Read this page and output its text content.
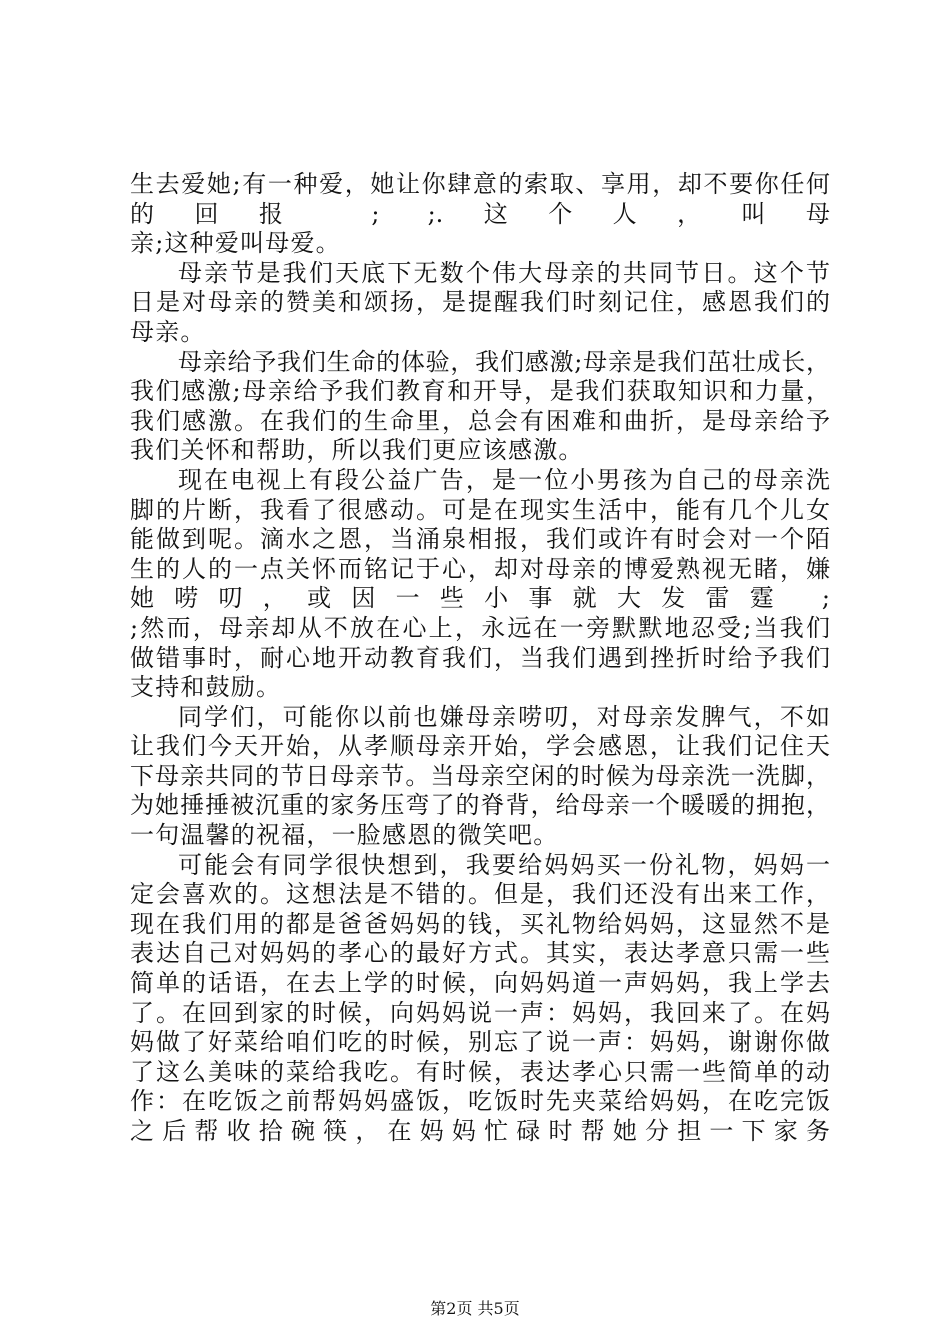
生去爱她;有一种爱，她让你肆意的索取、享用，却不要你任何
的回报 ; ;.这个人，叫母
亲;这种爱叫母爱。
母亲节是我们天底下无数个伟大母亲的共同节日。这个节
日是对母亲的赞美和颂扬，是提醒我们时刻记住，感恩我们的
母亲。
母亲给予我们生命的体验，我们感激;母亲是我们茁壮成长，
我们感激;母亲给予我们教育和开导，是我们获取知识和力量，
我们感激。在我们的生命里，总会有困难和曲折，是母亲给予
我们关怀和帮助，所以我们更应该感激。
现在电视上有段公益广告，是一位小男孩为自己的母亲洗
脚的片断，我看了很感动。可是在现实生活中，能有几个儿女
能做到呢。滴水之恩，当涌泉相报，我们或许有时会对一个陌
生的人的一点关怀而铭记于心，却对母亲的博爱熟视无睹，嫌
她唠叨，或因一些小事就大发雷霆 ;
;然而，母亲却从不放在心上，永远在一旁默默地忍受;当我们
做错事时，耐心地开动教育我们，当我们遇到挫折时给予我们
支持和鼓励。
同学们，可能你以前也嫌母亲唠叨，对母亲发脾气，不如
让我们今天开始，从孝顺母亲开始，学会感恩，让我们记住天
下母亲共同的节日母亲节。当母亲空闲的时候为母亲洗一洗脚，
为她捶捶被沉重的家务压弯了的脊背，给母亲一个暖暖的拥抱，
一句温馨的祝福，一脸感恩的微笑吧。
可能会有同学很快想到，我要给妈妈买一份礼物，妈妈一
定会喜欢的。这想法是不错的。但是，我们还没有出来工作，
现在我们用的都是爸爸妈妈的钱，买礼物给妈妈，这显然不是
表达自己对妈妈的孝心的最好方式。其实，表达孝意只需一些
简单的话语，在去上学的时候，向妈妈道一声妈妈，我上学去
了。在回到家的时候，向妈妈说一声：妈妈，我回来了。在妈
妈做了好菜给咱们吃的时候，别忘了说一声：妈妈，谢谢你做
了这么美味的菜给我吃。有时候，表达孝心只需一些简单的动
作：在吃饭之前帮妈妈盛饭，吃饭时先夹菜给妈妈，在吃完饭
之 后 帮 收 拾 碗 筷 ， 在 妈 妈 忙 碌 时 帮 她 分 担 一 下 家 务
第2页 共5页
